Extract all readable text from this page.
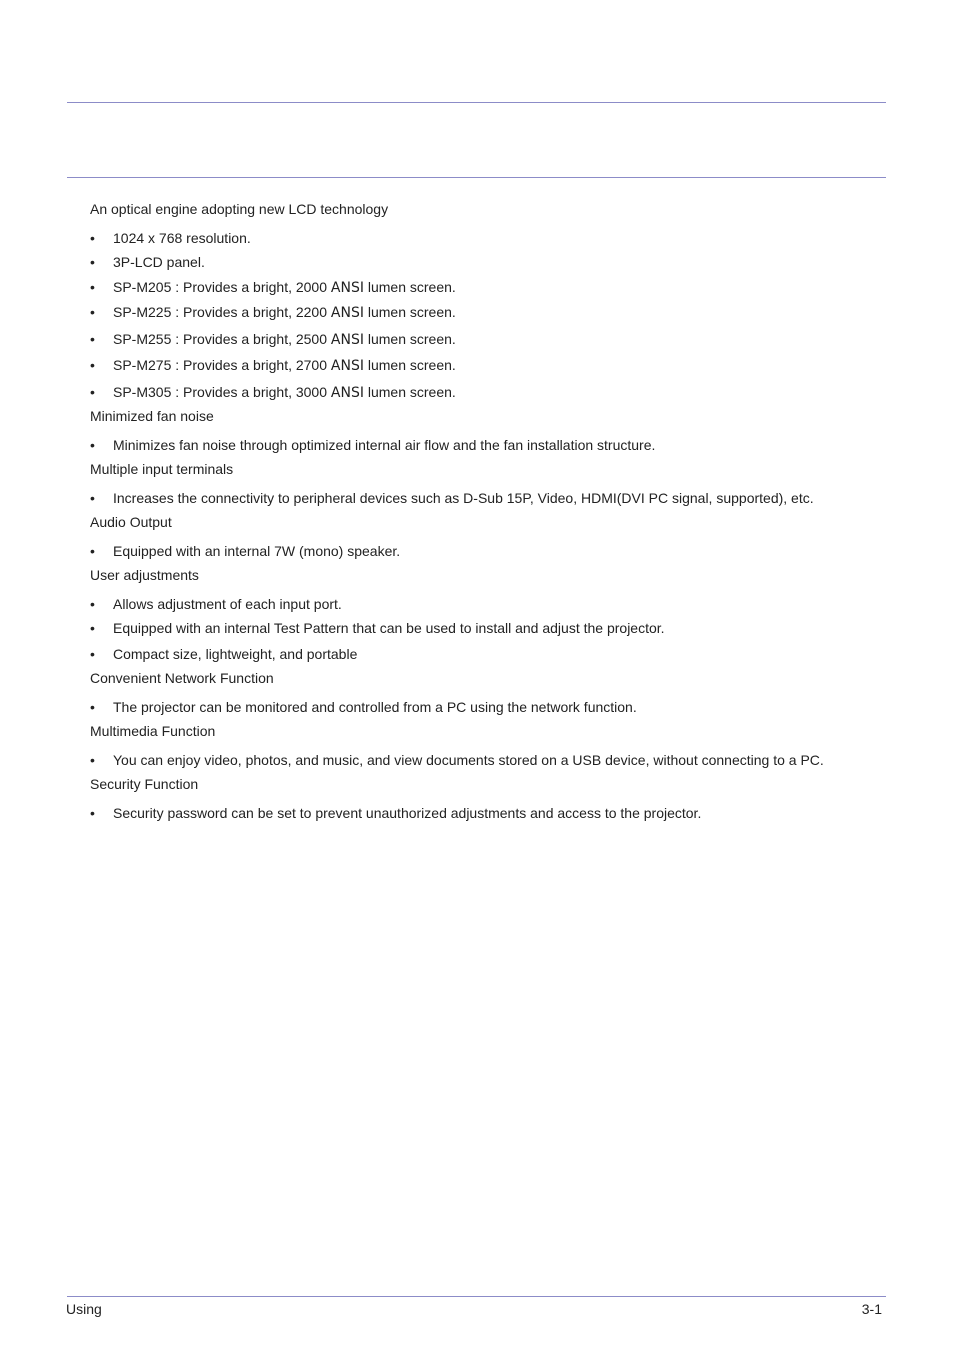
An optical engine adopting new LCD technology
•	1024 x 768 resolution.
•	3P-LCD panel.
•	SP-M205 : Provides a bright, 2000 ANSI lumen screen.
•	SP-M225 : Provides a bright, 2200 ANSI lumen screen.
•	SP-M255 : Provides a bright, 2500 ANSI lumen screen.
•	SP-M275 : Provides a bright, 2700 ANSI lumen screen.
•	SP-M305 : Provides a bright, 3000 ANSI lumen screen.
Minimized fan noise
•	Minimizes fan noise through optimized internal air flow and the fan installation structure.
Multiple input terminals
•	Increases the connectivity to peripheral devices such as D-Sub 15P, Video, HDMI(DVI PC signal, supported), etc.
Audio Output
•	Equipped with an internal 7W (mono) speaker.
User adjustments
•	Allows adjustment of each input port.
•	Equipped with an internal Test Pattern that can be used to install and adjust the projector.
•	Compact size, lightweight, and portable
Convenient Network Function
•	The projector can be monitored and controlled from a PC using the network function.
Multimedia Function
•	You can enjoy video, photos, and music, and view documents stored on a USB device, without connecting to a PC.
Security Function
•	Security password can be set to prevent unauthorized adjustments and access to the projector.
Using	3-1
